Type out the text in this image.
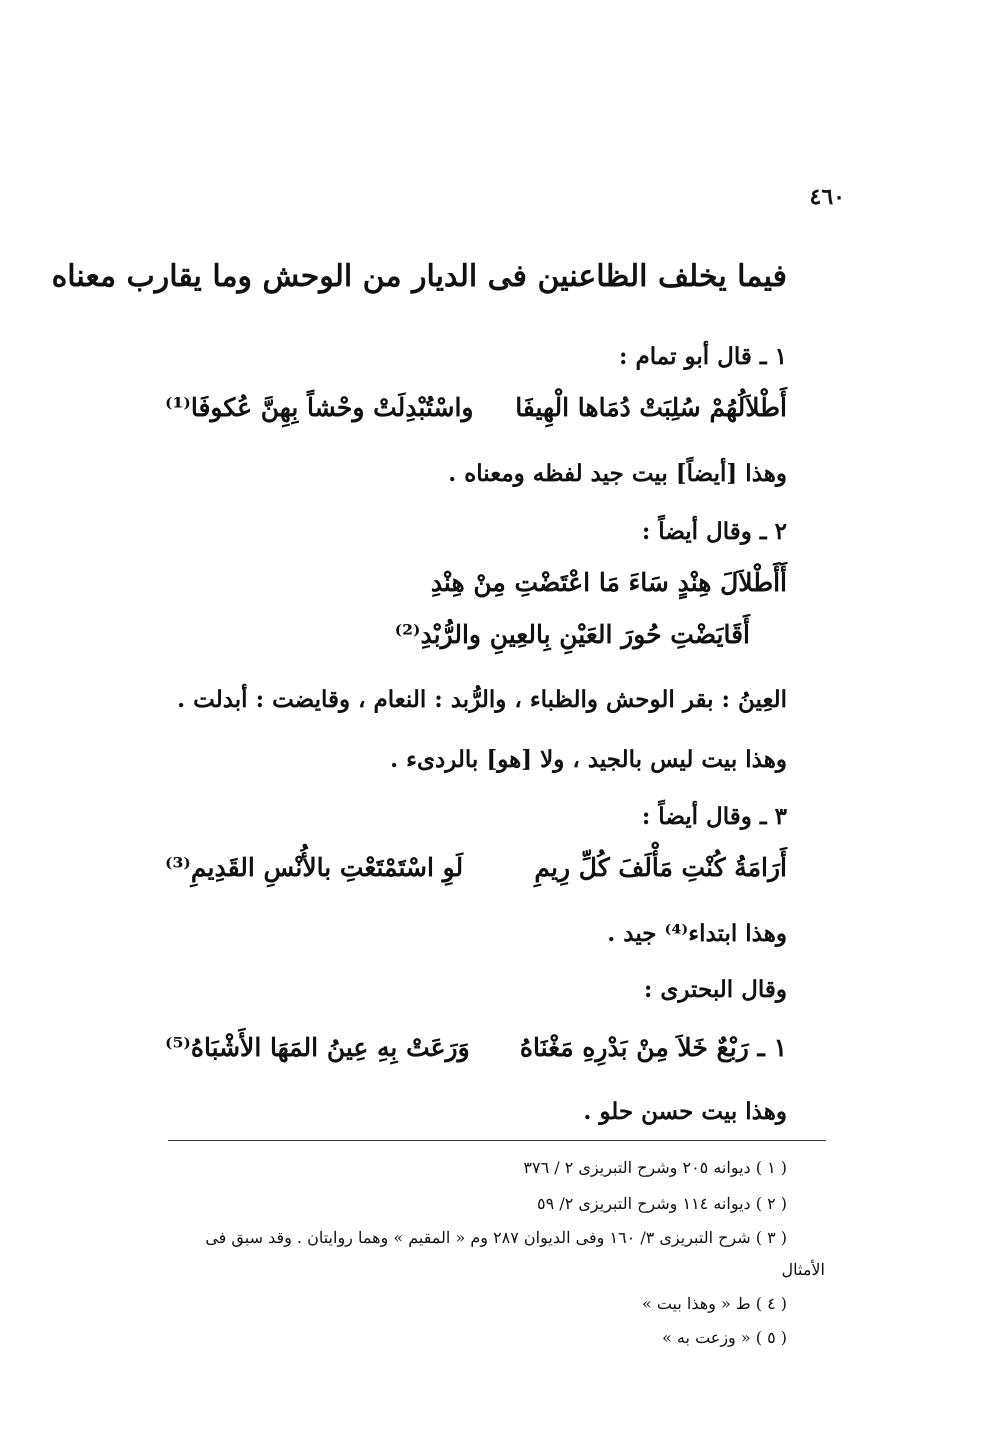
٤٦٠
فيما يخلف الظاعنين فى الديار من الوحش وما يقارب معناه
١ ـ قال أبو تمام :
أَطْلاَلُهُمْ سُلِبَتْ دُمَاها الْهِيفَا
واسْتُبْدِلَتْ وحْشاً بِهِنَّ عُكوفَا⁽¹⁾
وهذا [أيضاً] بيت جيد لفظه ومعناه .
٢ ـ وقال أيضاً :
أَأَطْلاَلَ هِنْدٍ سَاءَ مَا اعْتَضْتِ مِنْ هِنْدِ
أَقَايَضْتِ حُورَ العَيْنِ بِالعِينِ والرُّبْدِ⁽²⁾
العِينُ : بقر الوحش والظباء ، والرُّبد : النعام ، وقايضت : أبدلت .
وهذا بيت ليس بالجيد ، ولا [هو] بالردىء .
٣ ـ وقال أيضاً :
أَرَامَةُ كُنْتِ مَأْلَفَ كُلِّ رِيمِ
لَوِ اسْتَمْتَعْتِ بالأُنْسِ القَدِيمِ⁽³⁾
وهذا ابتداء⁽⁴⁾ جيد .
وقال البحترى :
١ ـ رَبْعٌ خَلاَ مِنْ بَدْرِهِ مَغْنَاهُ
وَرَعَتْ بِهِ عِينُ المَهَا الأَشْبَاهُ⁽⁵⁾
وهذا بيت حسن حلو .
( ١ ) ديوانه ٢٠٥ وشرح التبريزى ٢ / ٣٧٦
( ٢ ) ديوانه ١١٤ وشرح التبريزى ٢/ ٥٩
( ٣ ) شرح التبريزى ٣/ ١٦٠ وفى الديوان ٢٨٧ وم « المقيم » وهما روايتان . وقد سبق فى
الأمثال
( ٤ ) ط « وهذا بيت »
( ٥ ) « وزعت به »
